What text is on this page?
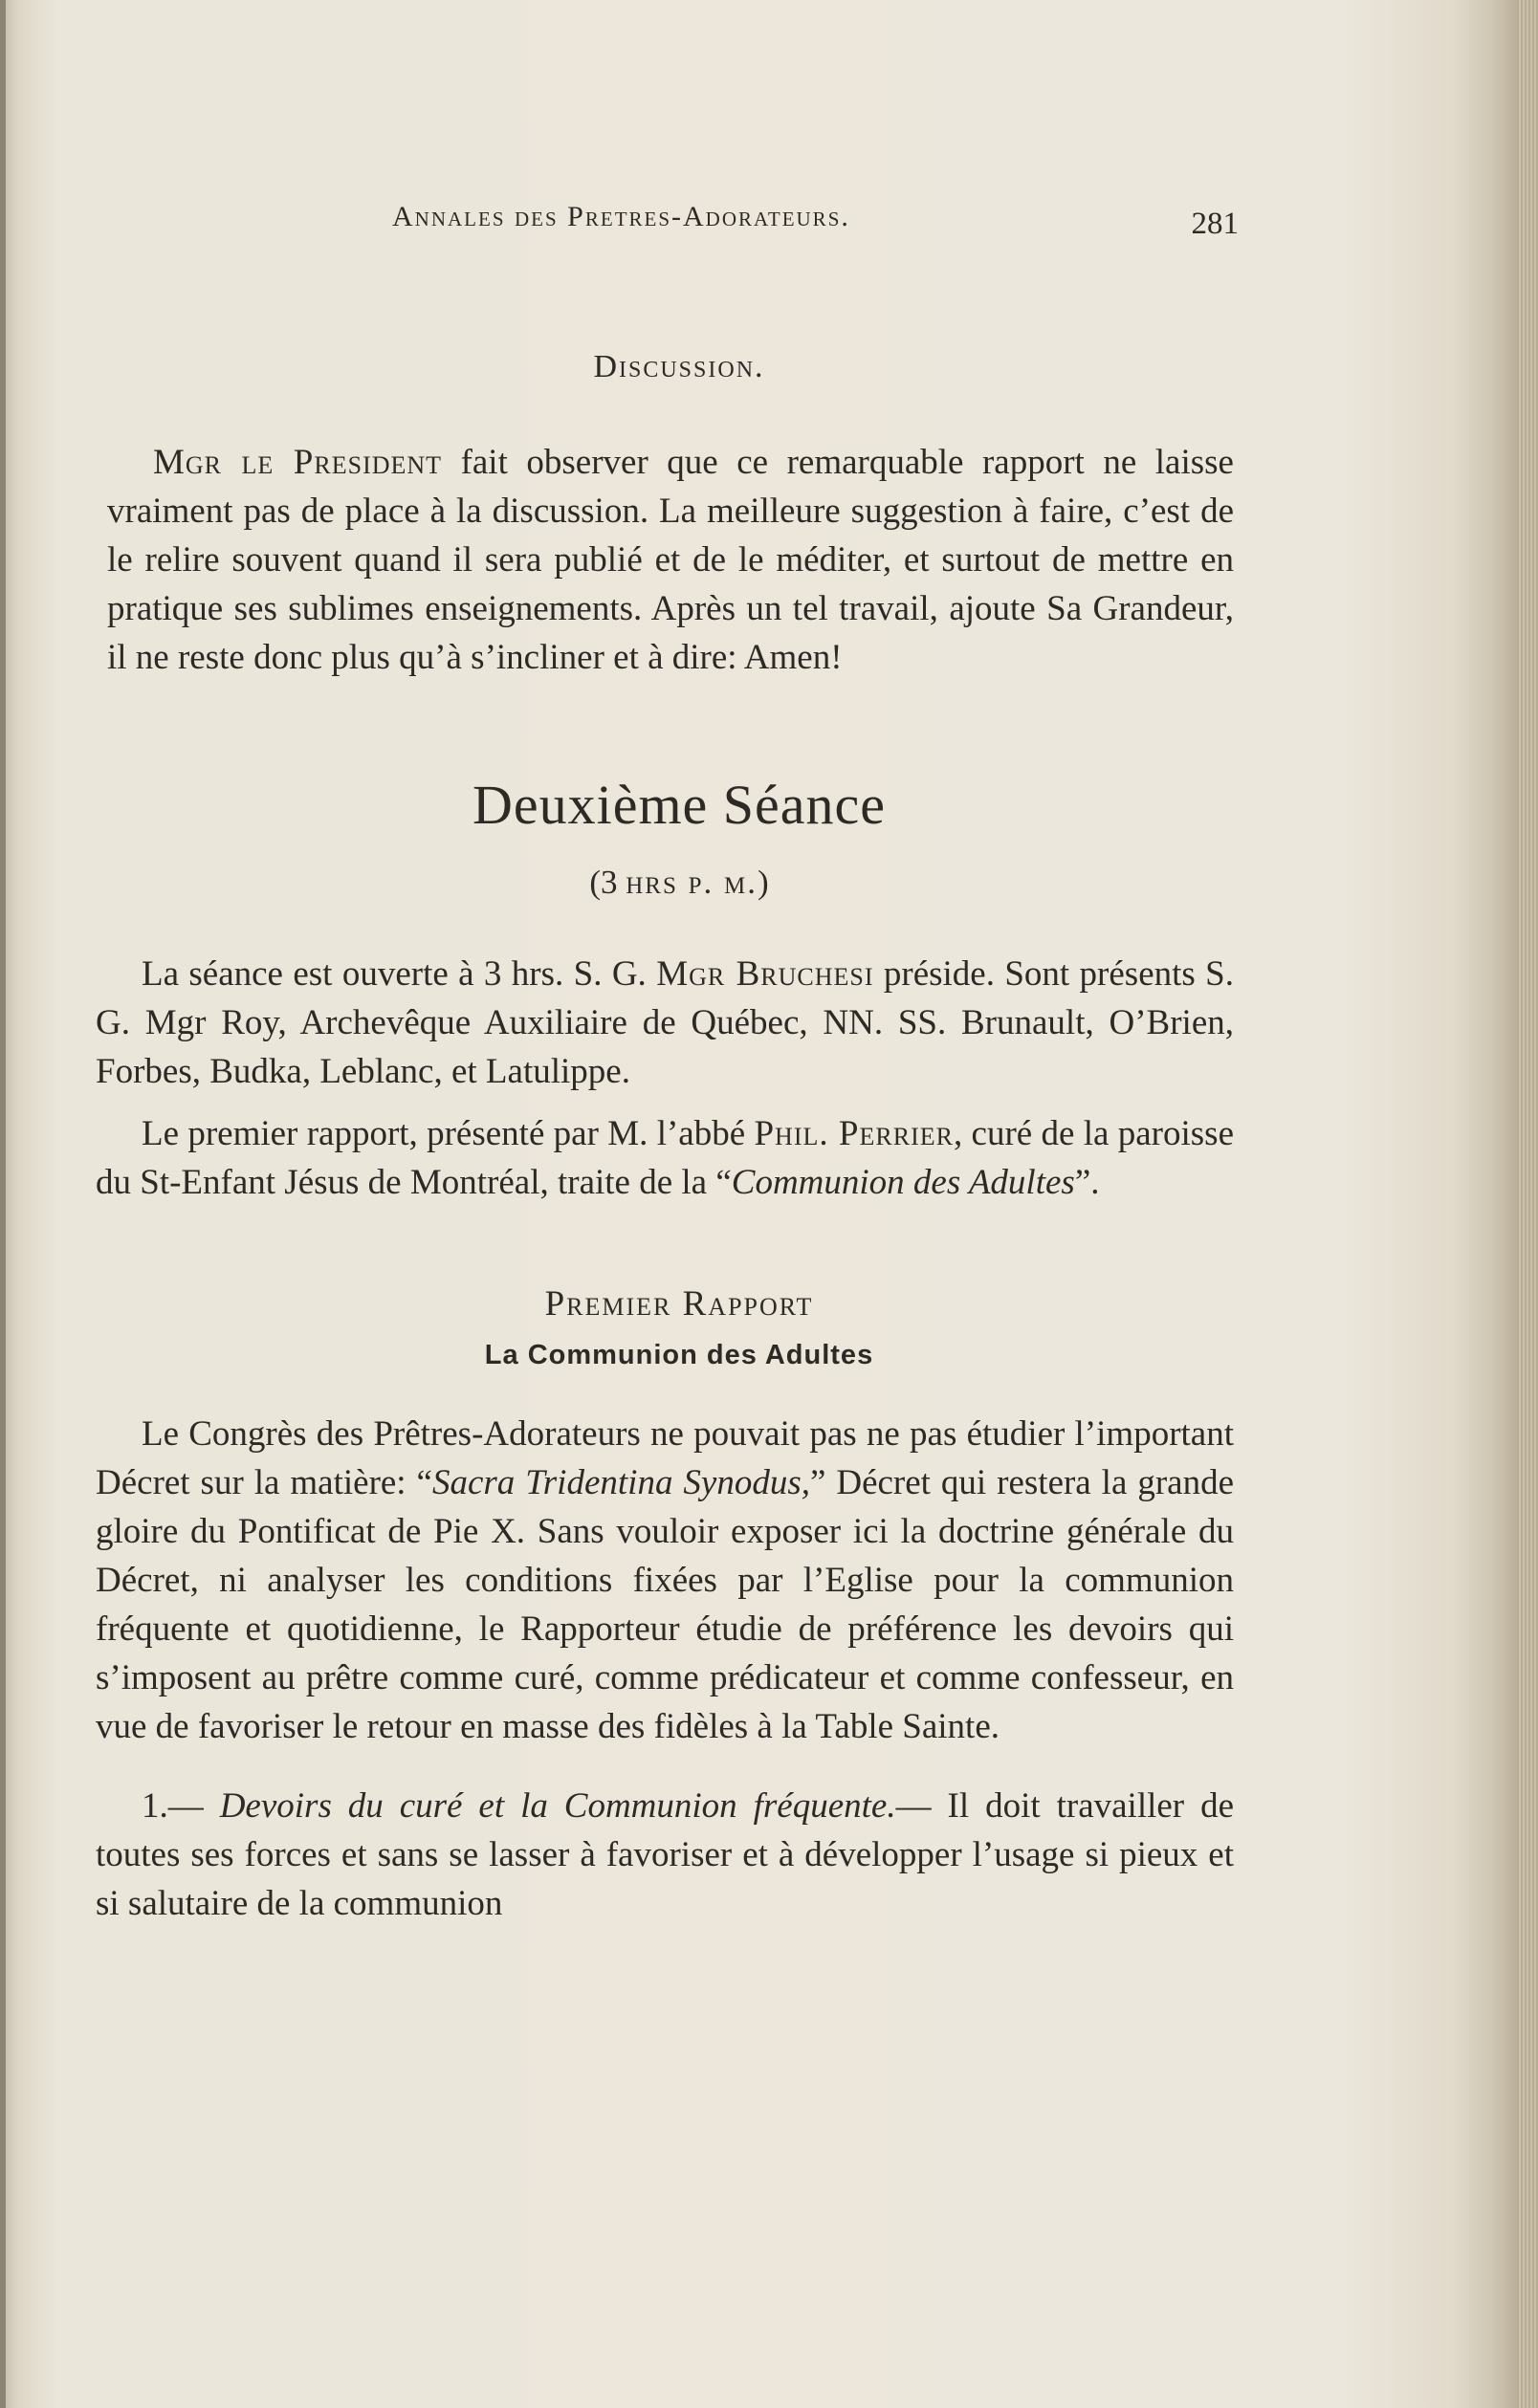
Annales des Pretres-Adorateurs.	281
Discussion.

Mgr le President fait observer que ce remarquable rapport ne laisse vraiment pas de place à la discussion. La meilleure suggestion à faire, c’est de le relire souvent quand il sera publié et de le méditer, et surtout de mettre en pratique ses sublimes enseignements. Après un tel travail, ajoute Sa Grandeur, il ne reste donc plus qu’à s’incliner et à dire: Amen!

Deuxième Séance
(3 hrs p. m.)

La séance est ouverte à 3 hrs. S. G. Mgr Bruchesi préside. Sont présents S. G. Mgr Roy, Archevêque Auxiliaire de Québec, NN. SS. Brunault, O’Brien, Forbes, Budka, Leblanc, et Latulippe.

Le premier rapport, présenté par M. l’abbé Phil. Perrier, curé de la paroisse du St-Enfant Jésus de Montréal, traite de la “Communion des Adultes”.

Premier Rapport
La Communion des Adultes

Le Congrès des Prêtres-Adorateurs ne pouvait pas ne pas étudier l’important Décret sur la matière: “Sacra Tridentina Synodus,” Décret qui restera la grande gloire du Pontificat de Pie X. Sans vouloir exposer ici la doctrine générale du Décret, ni analyser les conditions fixées par l’Eglise pour la communion fréquente et quotidienne, le Rapporteur étudie de préférence les devoirs qui s’imposent au prêtre comme curé, comme prédicateur et comme confesseur, en vue de favoriser le retour en masse des fidèles à la Table Sainte.

1.— Devoirs du curé et la Communion fréquente.— Il doit travailler de toutes ses forces et sans se lasser à favoriser et à développer l’usage si pieux et si salutaire de la communion
